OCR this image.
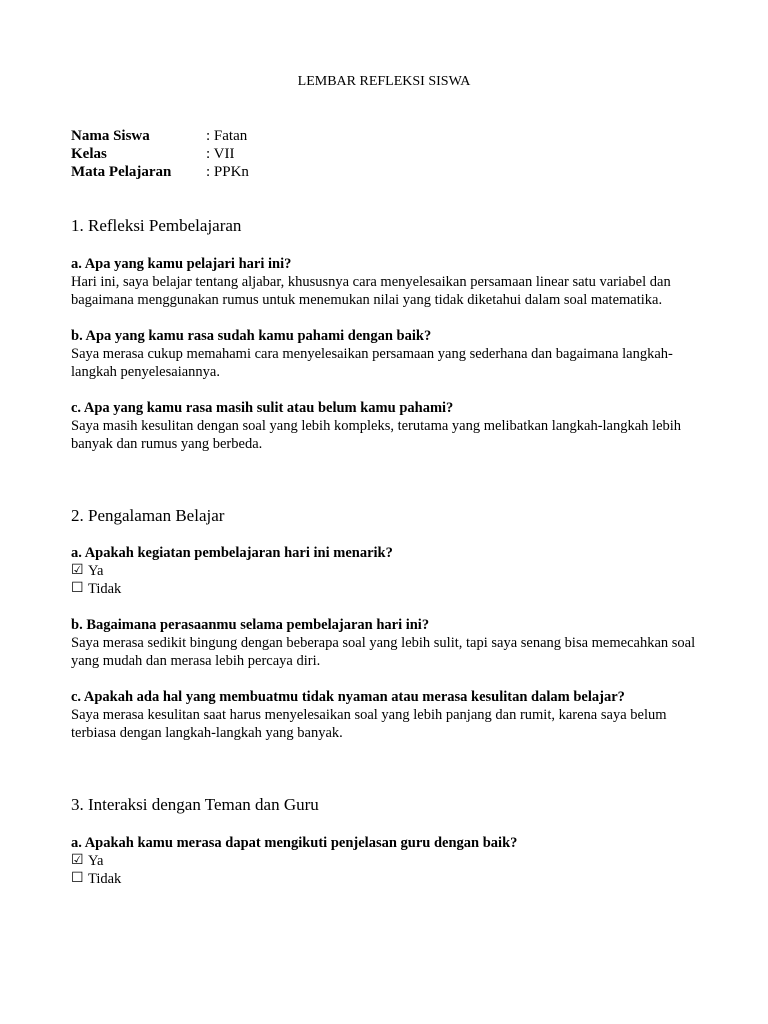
LEMBAR REFLEKSI SISWA
Nama Siswa	: Fatan
Kelas	: VII
Mata Pelajaran	: PPKn
1. Refleksi Pembelajaran
a. Apa yang kamu pelajari hari ini?
Hari ini, saya belajar tentang aljabar, khususnya cara menyelesaikan persamaan linear satu variabel dan bagaimana menggunakan rumus untuk menemukan nilai yang tidak diketahui dalam soal matematika.
b. Apa yang kamu rasa sudah kamu pahami dengan baik?
Saya merasa cukup memahami cara menyelesaikan persamaan yang sederhana dan bagaimana langkah-langkah penyelesaiannya.
c. Apa yang kamu rasa masih sulit atau belum kamu pahami?
Saya masih kesulitan dengan soal yang lebih kompleks, terutama yang melibatkan langkah-langkah lebih banyak dan rumus yang berbeda.
2. Pengalaman Belajar
a. Apakah kegiatan pembelajaran hari ini menarik?
☑ Ya
☐ Tidak
b. Bagaimana perasaanmu selama pembelajaran hari ini?
Saya merasa sedikit bingung dengan beberapa soal yang lebih sulit, tapi saya senang bisa memecahkan soal yang mudah dan merasa lebih percaya diri.
c. Apakah ada hal yang membuatmu tidak nyaman atau merasa kesulitan dalam belajar?
Saya merasa kesulitan saat harus menyelesaikan soal yang lebih panjang dan rumit, karena saya belum terbiasa dengan langkah-langkah yang banyak.
3. Interaksi dengan Teman dan Guru
a. Apakah kamu merasa dapat mengikuti penjelasan guru dengan baik?
☑ Ya
☐ Tidak
